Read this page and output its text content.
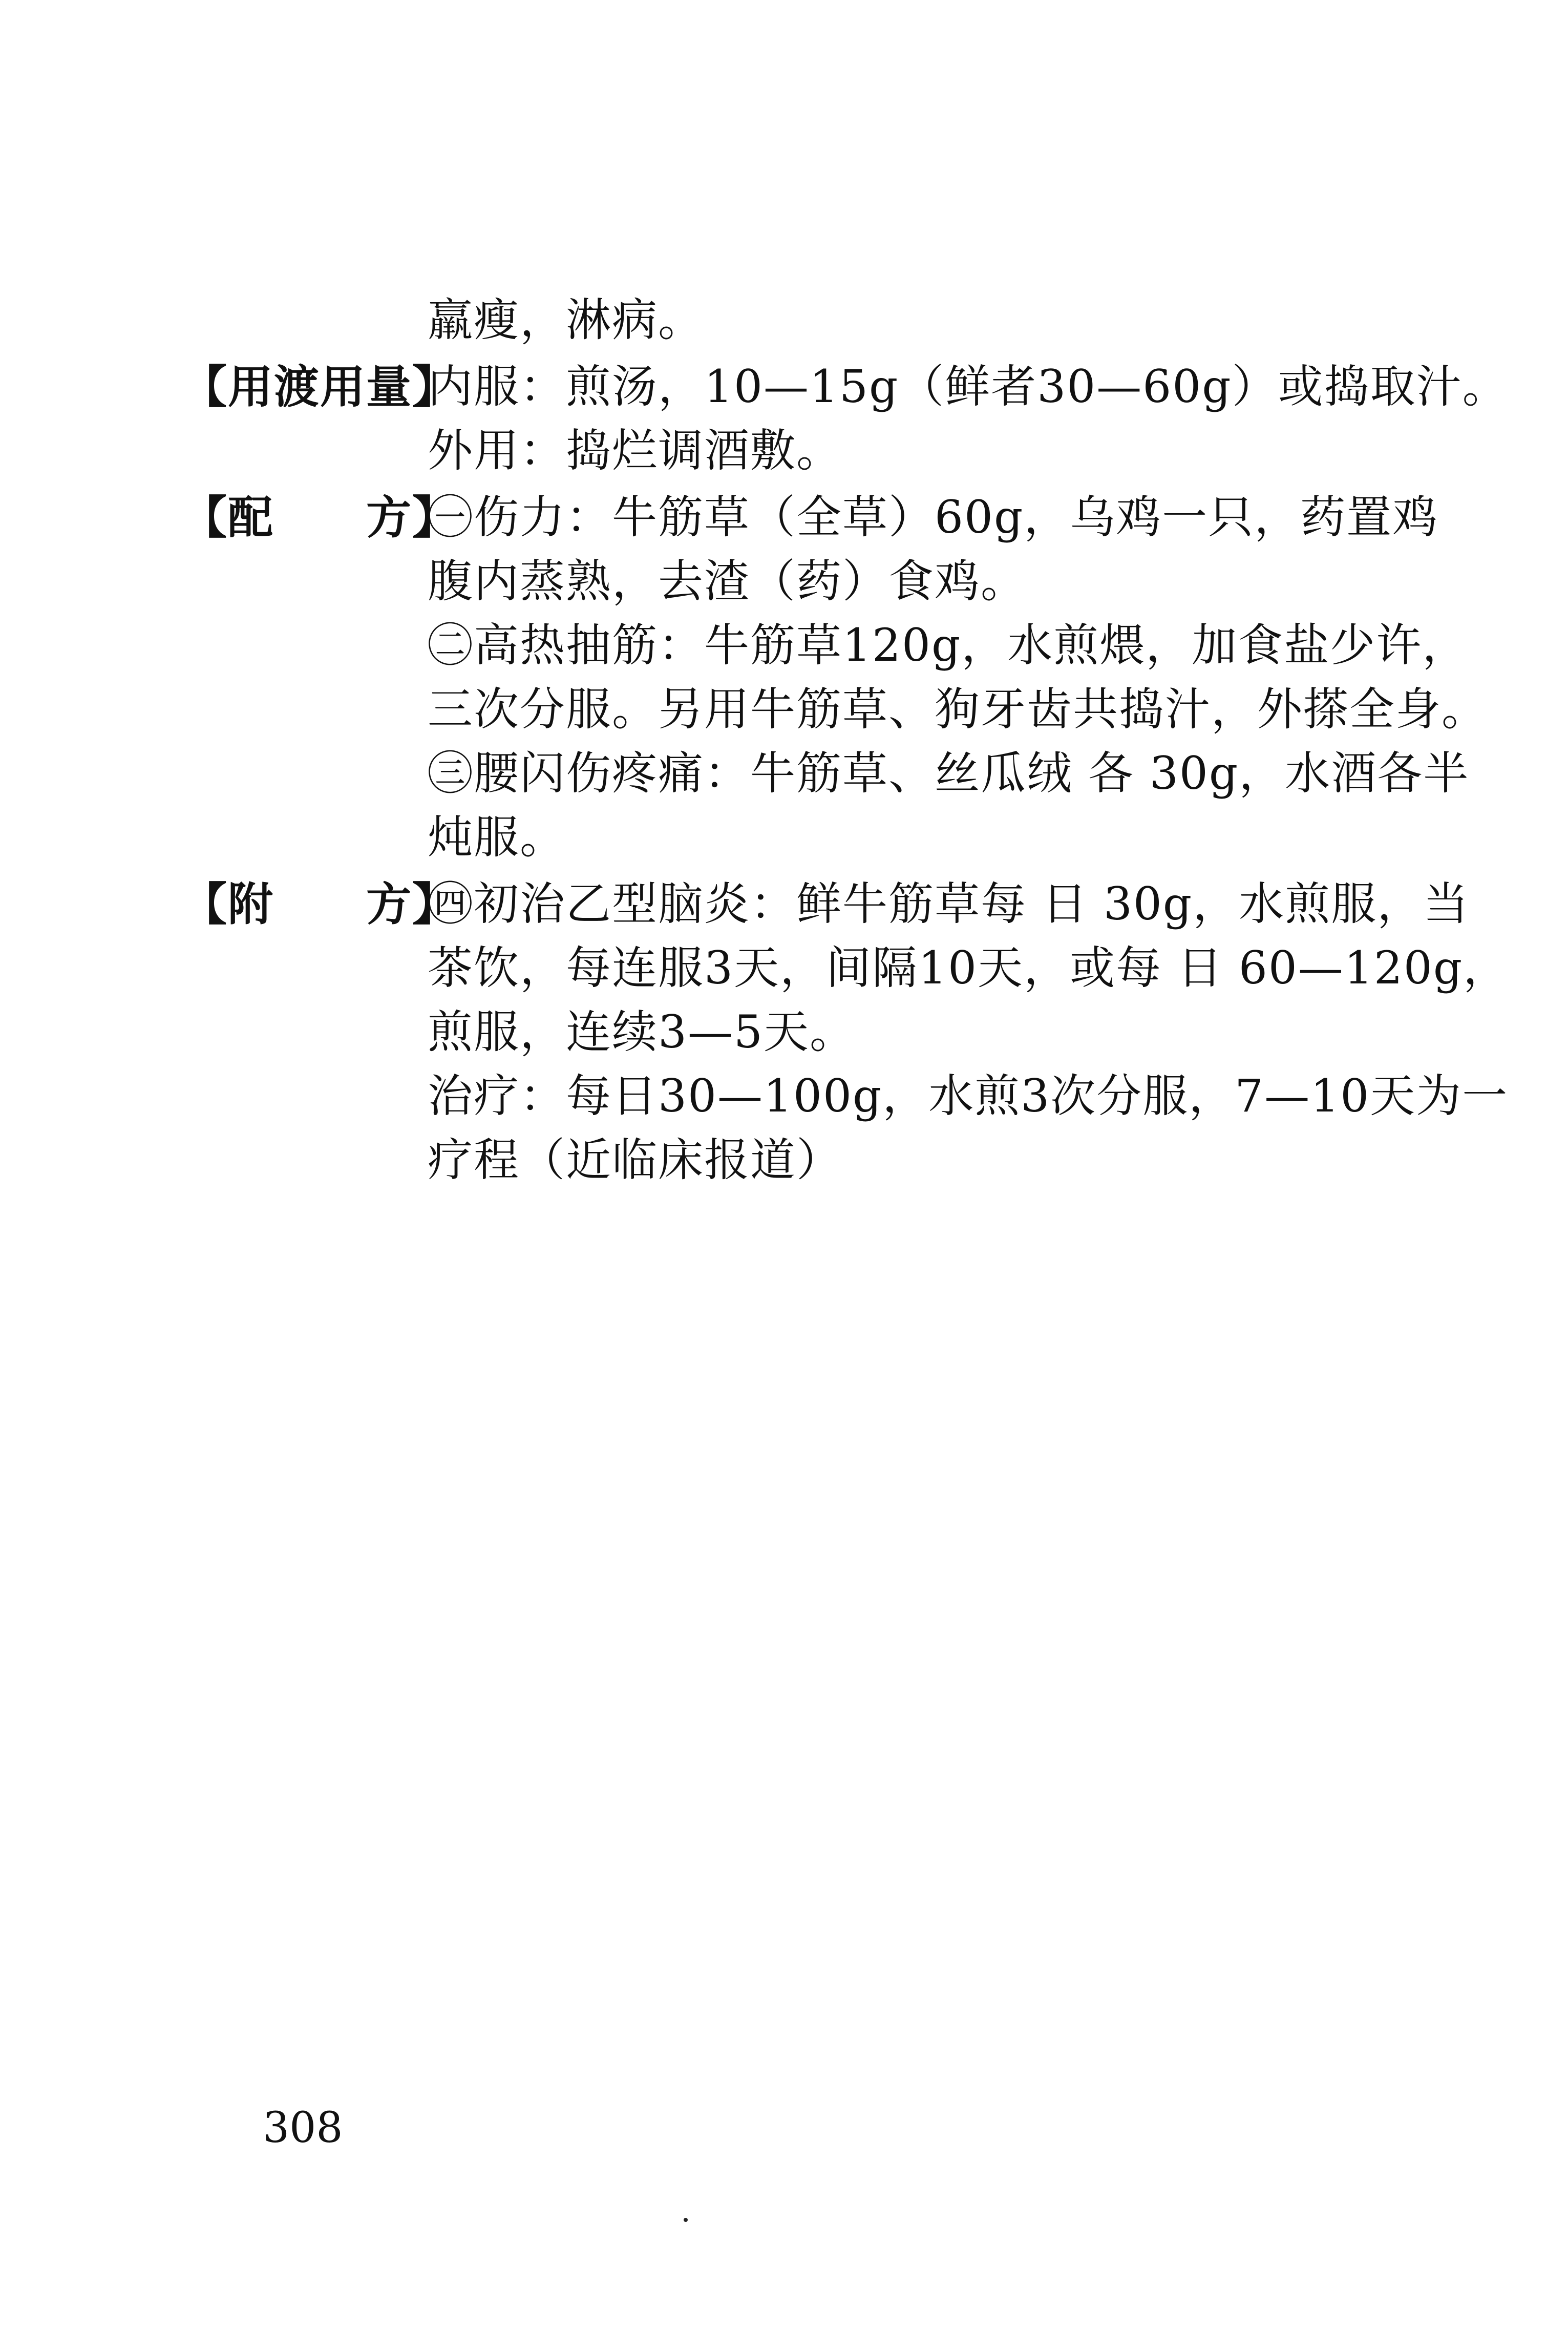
羸瘦，淋病。
【用渡用量】
内服：煎汤，10—15g（鲜者30—60g）或捣取汁。
外用：捣烂调酒敷。
【配　　方】
㊀伤力：牛筋草（全草）60g，乌鸡一只，药置鸡
腹内蒸熟，去渣（药）食鸡。
㊁高热抽筋：牛筋草120g，水煎煨，加食盐少许，
三次分服。另用牛筋草、狗牙齿共捣汁，外搽全身。
㊂腰闪伤疼痛：牛筋草、丝瓜绒 各 30g，水酒各半
炖服。
【附　　方】
㊃初治乙型脑炎：鲜牛筋草每 日 30g，水煎服，当
茶饮，每连服3天，间隔10天，或每 日 60—120g，
煎服，连续3—5天。
治疗：每日30—100g，水煎3次分服，7—10天为一
疗程（近临床报道）
308
